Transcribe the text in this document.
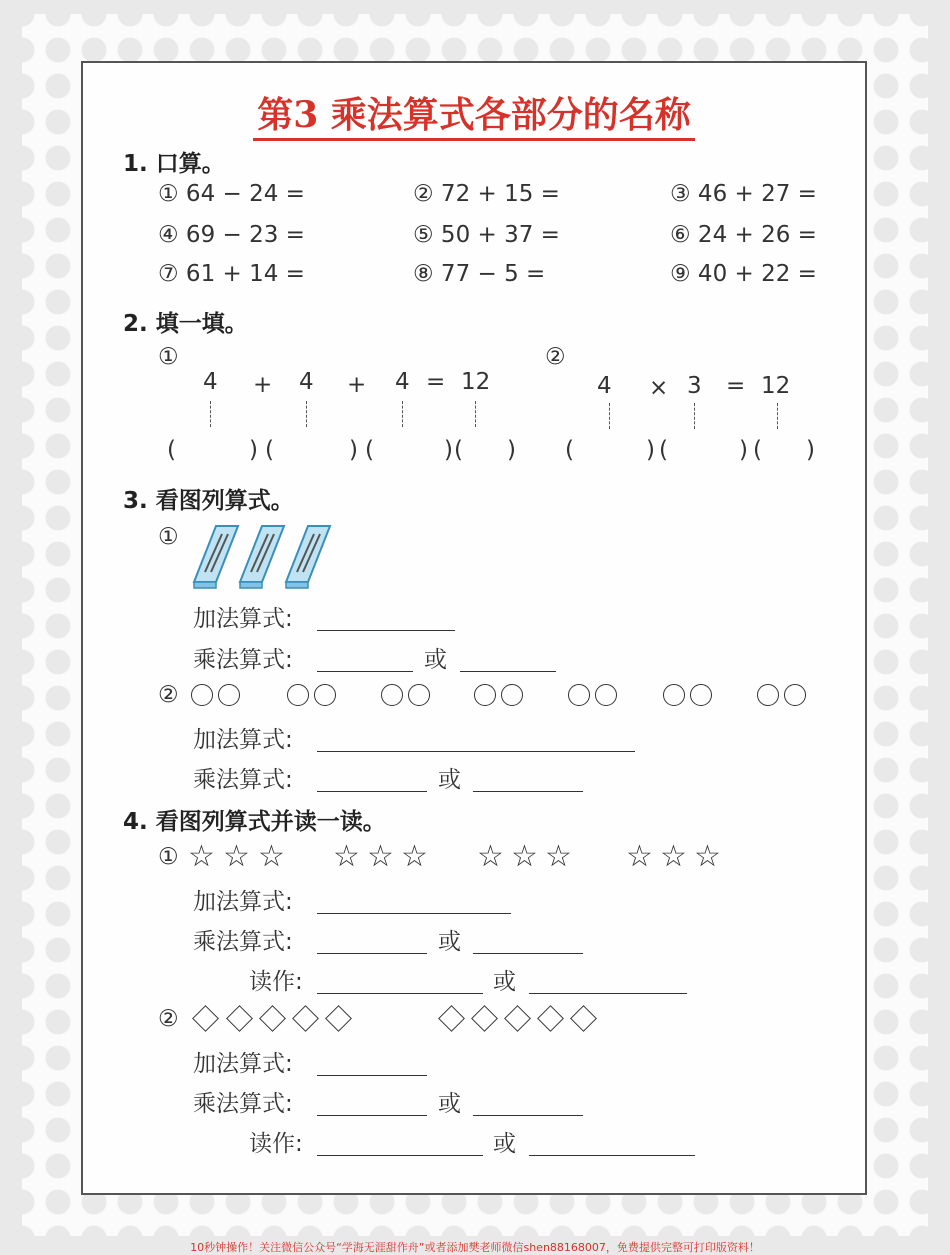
第3 乘法算式各部分的名称
1. 口算。
① 64 − 24 =	② 72 + 15 =	③ 46 + 27 =
④ 69 − 23 =	⑤ 50 + 37 =	⑥ 24 + 26 =
⑦ 61 + 14 =	⑧ 77 − 5 =	⑨ 40 + 22 =
2. 填一填。
①	②
4 + 4 + 4 = 12	4 × 3 = 12
(	) (	) (	) ( ) (	) (	) ( )
3. 看图列算式。
①
加法算式:
乘法算式:	或
②
加法算式:
乘法算式:	或
4. 看图列算式并读一读。
① ☆ ☆ ☆ ☆ ☆ ☆ ☆ ☆ ☆ ☆ ☆ ☆
加法算式:
乘法算式:	或
读作:	或
②
加法算式:
乘法算式:	或
读作:	或
10秒钟操作！关注微信公众号“学海无涯甜作舟”或者添加樊老师微信shen88168007，免费提供完整可打印版资料！
